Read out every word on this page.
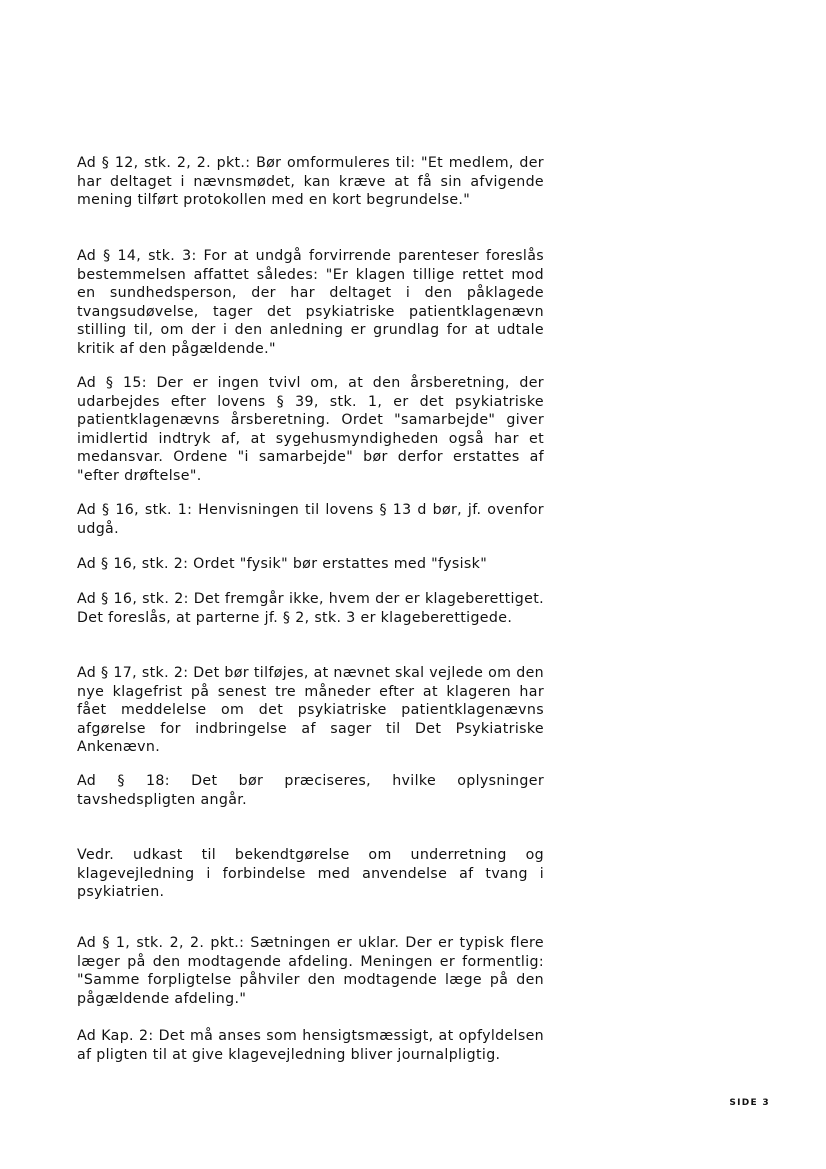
Ad § 12, stk. 2, 2. pkt.: Bør omformuleres til: "Et medlem, der har deltaget i nævnsmødet, kan kræve at få sin afvigende mening tilført protokollen med en kort begrundelse."

Ad § 14, stk. 3: For at undgå forvirrende parenteser foreslås bestemmelsen affattet således: "Er klagen tillige rettet mod en sundhedsperson, der har deltaget i den påklagede tvangsudøvelse, tager det psykiatriske patientklagenævn stilling til, om der i den anledning er grundlag for at udtale kritik af den pågældende."

Ad § 15: Der er ingen tvivl om, at den årsberetning, der udarbejdes efter lovens § 39, stk. 1, er det psykiatriske patientklagenævns årsberetning. Ordet "samarbejde" giver imidlertid indtryk af, at sygehusmyndigheden også har et medansvar. Ordene "i samarbejde" bør derfor erstattes af "efter drøftelse".

Ad § 16, stk. 1: Henvisningen til lovens § 13 d bør, jf. ovenfor udgå.

Ad § 16, stk. 2: Ordet "fysik" bør erstattes med "fysisk"

Ad § 16, stk. 2: Det fremgår ikke, hvem der er klageberettiget. Det foreslås, at parterne jf. § 2, stk. 3 er klageberettigede.

Ad § 17, stk. 2: Det bør tilføjes, at nævnet skal vejlede om den nye klagefrist på senest tre måneder efter at klageren har fået meddelelse om det psykiatriske patientklagenævns afgørelse for indbringelse af sager til Det Psykiatriske Ankenævn.

Ad § 18: Det bør præciseres, hvilke oplysninger tavshedspligten angår.

Vedr. udkast til bekendtgørelse om underretning og klagevejledning i forbindelse med anvendelse af tvang i psykiatrien.

Ad § 1, stk. 2, 2. pkt.: Sætningen er uklar. Der er typisk flere læger på den modtagende afdeling. Meningen er formentlig: "Samme forpligtelse påhviler den modtagende læge på den pågældende afdeling."

Ad Kap. 2: Det må anses som hensigtsmæssigt, at opfyldelsen af pligten til at give klagevejledning bliver journalpligtig.

SIDE 3
